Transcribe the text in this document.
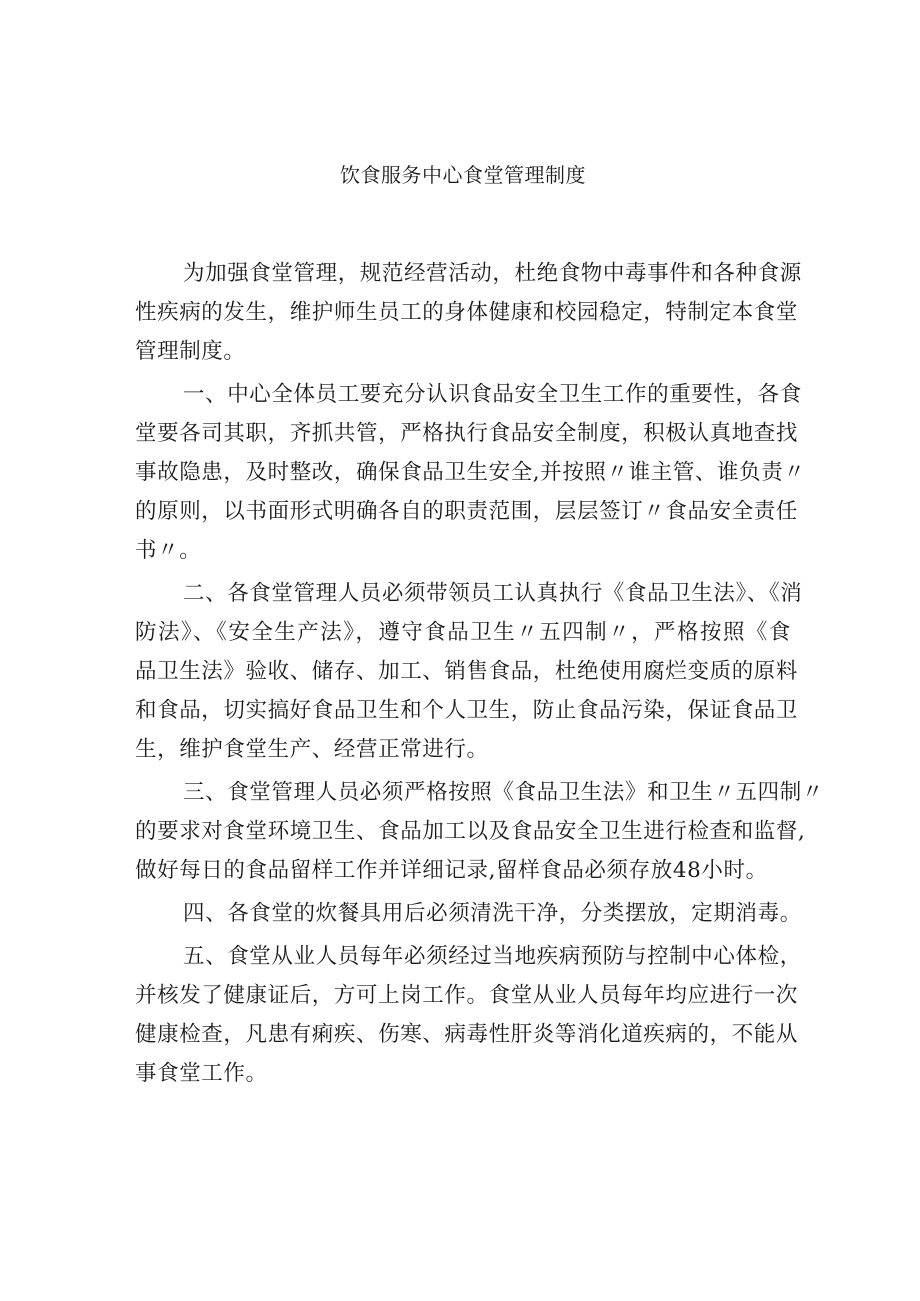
饮食服务中心食堂管理制度
为加强食堂管理，规范经营活动，杜绝食物中毒事件和各种食源
性疾病的发生，维护师生员工的身体健康和校园稳定，特制定本食堂
管理制度。
一、中心全体员工要充分认识食品安全卫生工作的重要性，各食
堂要各司其职，齐抓共管，严格执行食品安全制度，积极认真地查找
事故隐患，及时整改，确保食品卫生安全,并按照〃谁主管、谁负责〃
的原则，以书面形式明确各自的职责范围，层层签订〃食品安全责任
书〃。
二、各食堂管理人员必须带领员工认真执行《食品卫生法》、《消
防法》、《安全生产法》，遵守食品卫生〃五四制〃，严格按照《食
品卫生法》验收、储存、加工、销售食品，杜绝使用腐烂变质的原料
和食品，切实搞好食品卫生和个人卫生，防止食品污染，保证食品卫
生，维护食堂生产、经营正常进行。
三、食堂管理人员必须严格按照《食品卫生法》和卫生〃五四制〃
的要求对食堂环境卫生、食品加工以及食品安全卫生进行检查和监督,
做好每日的食品留样工作并详细记录,留样食品必须存放48小时。
四、各食堂的炊餐具用后必须清洗干净，分类摆放，定期消毒。
五、食堂从业人员每年必须经过当地疾病预防与控制中心体检，
并核发了健康证后，方可上岗工作。食堂从业人员每年均应进行一次
健康检查，凡患有痢疾、伤寒、病毒性肝炎等消化道疾病的，不能从
事食堂工作。
